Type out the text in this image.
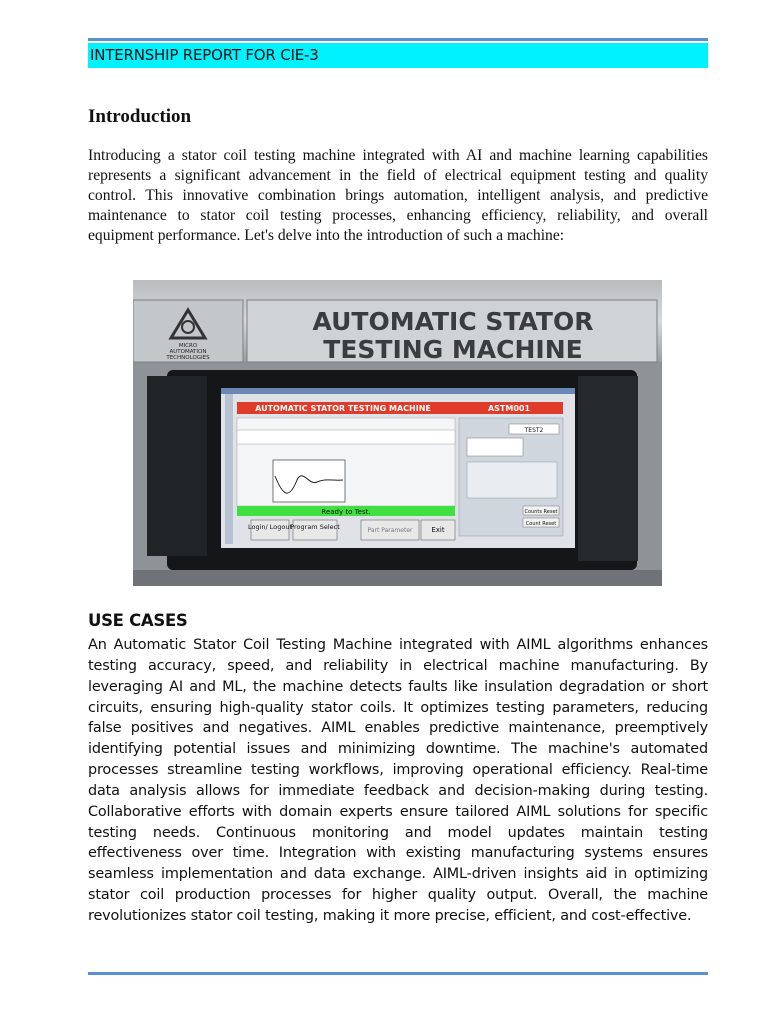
INTERNSHIP REPORT FOR CIE-3
Introduction

Introducing a stator coil testing machine integrated with AI and machine learning capabilities represents a significant advancement in the field of electrical equipment testing and quality control. This innovative combination brings automation, intelligent analysis, and predictive maintenance to stator coil testing processes, enhancing efficiency, reliability, and overall equipment performance. Let's delve into the introduction of such a machine:

MICRO
AUTOMATION
TECHNOLOGIES
AUTOMATIC STATOR
TESTING MACHINE
AUTOMATIC STATOR TESTING MACHINE	ASTM001
Ready to Test.
TEST2
Counts Reset
Count Reset
Login/ Logout
Program Select	Part Parameter	Exit
USE CASES

An Automatic Stator Coil Testing Machine integrated with AIML algorithms enhances testing accuracy, speed, and reliability in electrical machine manufacturing. By leveraging AI and ML, the machine detects faults like insulation degradation or short circuits, ensuring high-quality stator coils. It optimizes testing parameters, reducing false positives and negatives. AIML enables predictive maintenance, preemptively identifying potential issues and minimizing downtime. The machine's automated processes streamline testing workflows, improving operational efficiency. Real-time data analysis allows for immediate feedback and decision-making during testing. Collaborative efforts with domain experts ensure tailored AIML solutions for specific testing needs. Continuous monitoring and model updates maintain testing effectiveness over time. Integration with existing manufacturing systems ensures seamless implementation and data exchange. AIML-driven insights aid in optimizing stator coil production processes for higher quality output. Overall, the machine revolutionizes stator coil testing, making it more precise, efficient, and cost-effective.
